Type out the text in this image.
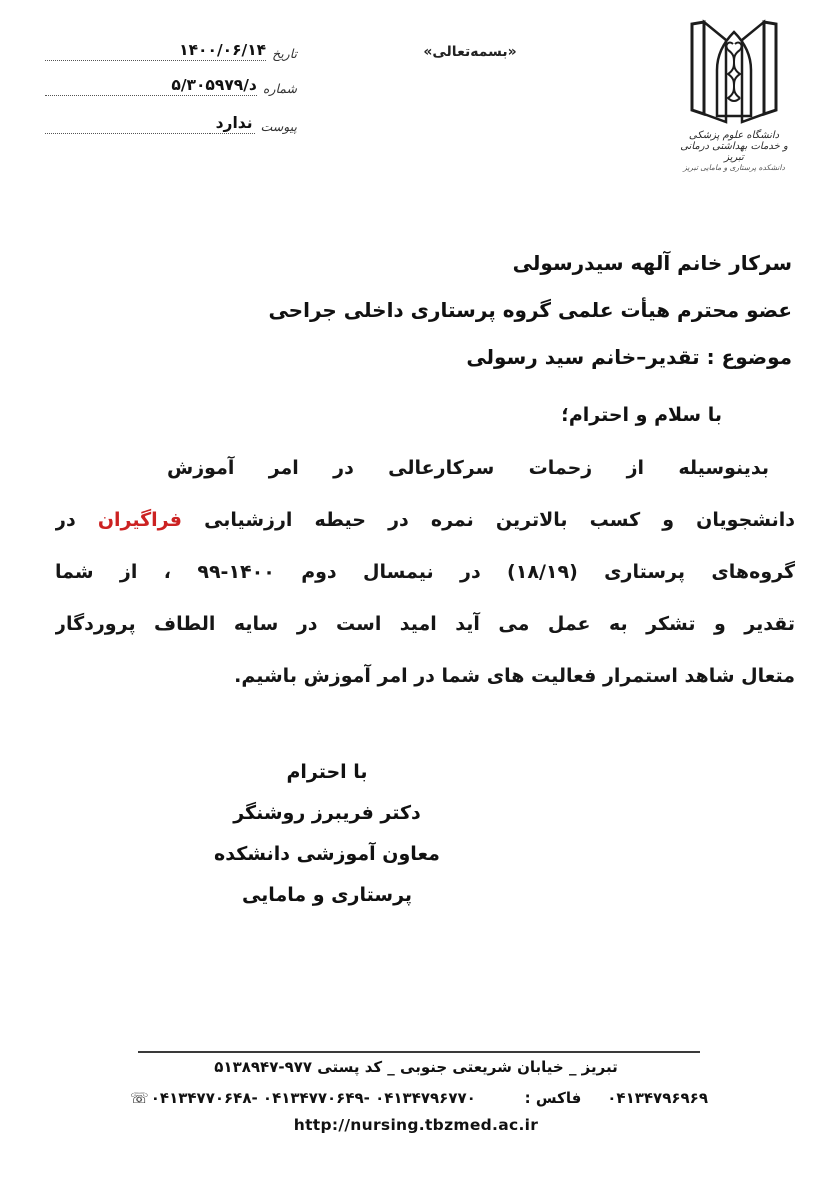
تاریخ
۱۴۰۰/۰۶/۱۴
شماره
۵/د/۳۰۵۹۷۹
پیوست
ندارد
«بسمه‌تعالی»
دانشگاه علوم پزشکی
و خدمات بهداشتی درمانی تبریز
دانشکده پرستاری و مامایی تبریز
سرکار خانم آلهه سیدرسولی
عضو محترم هیأت علمی گروه پرستاری داخلی جراحی
موضوع : تقدیر–خانم سید رسولی
با سلام و احترام؛
بدینوسیله از زحمات سرکارعالی در امر آموزش
دانشجویان و کسب بالاترین نمره در حیطه ارزشیابی فراگیران در
گروه‌های پرستاری (۱۸/۱۹) در نیمسال دوم ۱۴۰۰-۹۹ ، از شما
تقدیر و تشکر به عمل می آید امید است در سایه الطاف پروردگار
متعال شاهد استمرار فعالیت های شما در امر آموزش باشیم.
با احترام
دکتر فریبرز روشنگر
معاون آموزشی دانشکده
پرستاری و مامایی
تبریز _ خیابان شریعتی جنوبی _ کد پستی ۹۷۷-۵۱۳۸۹۴۷
☏ ۰۴۱۳۴۷۷۰۶۴۸- ۰۴۱۳۴۷۷۰۶۴۹- ۰۴۱۳۴۷۹۶۷۷۰	فاکس : ۰۴۱۳۴۷۹۶۹۶۹
http://nursing.tbzmed.ac.ir
